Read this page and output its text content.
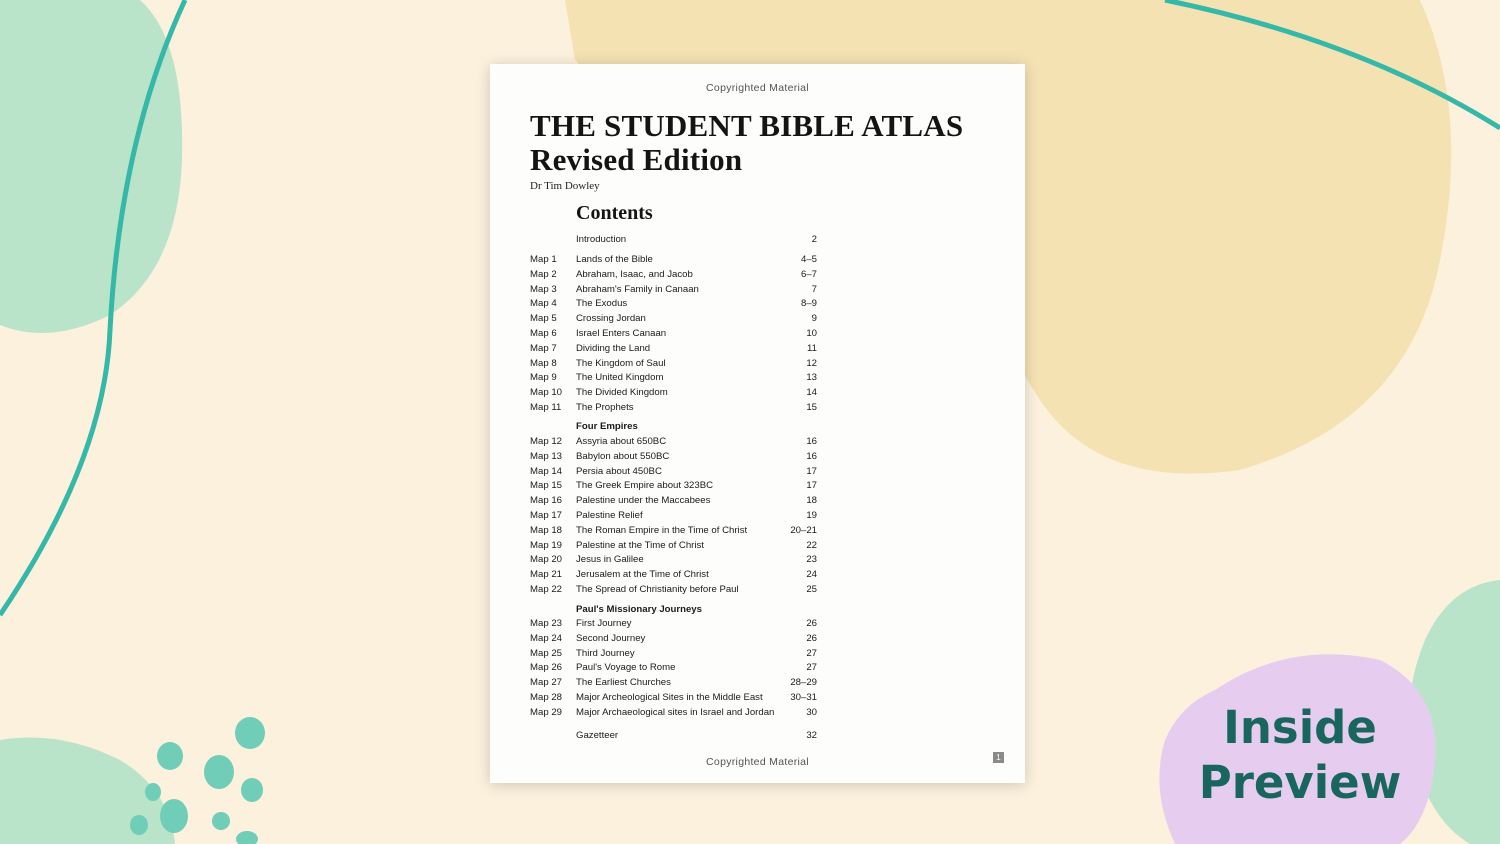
Copyrighted Material
THE STUDENT BIBLE ATLAS
Revised Edition
Dr Tim Dowley
Contents
Introduction	2
Map 1 Lands of the Bible	4–5
Map 2 Abraham, Isaac, and Jacob	6–7
Map 3 Abraham's Family in Canaan	7
Map 4 The Exodus	8–9
Map 5 Crossing Jordan	9
Map 6 Israel Enters Canaan	10
Map 7 Dividing the Land	11
Map 8 The Kingdom of Saul	12
Map 9 The United Kingdom	13
Map 10 The Divided Kingdom	14
Map 11 The Prophets	15
Four Empires
Map 12 Assyria about 650BC	16
Map 13 Babylon about 550BC	16
Map 14 Persia about 450BC	17
Map 15 The Greek Empire about 323BC	17
Map 16 Palestine under the Maccabees	18
Map 17 Palestine Relief	19
Map 18 The Roman Empire in the Time of Christ	20–21
Map 19 Palestine at the Time of Christ	22
Map 20 Jesus in Galilee	23
Map 21 Jerusalem at the Time of Christ	24
Map 22 The Spread of Christianity before Paul	25
Paul's Missionary Journeys
Map 23 First Journey	26
Map 24 Second Journey	26
Map 25 Third Journey	27
Map 26 Paul's Voyage to Rome	27
Map 27 The Earliest Churches	28–29
Map 28 Major Archeological Sites in the Middle East	30–31
Map 29 Major Archaeological sites in Israel and Jordan	30
Gazetteer	32
Copyrighted Material	1
Inside
Preview
